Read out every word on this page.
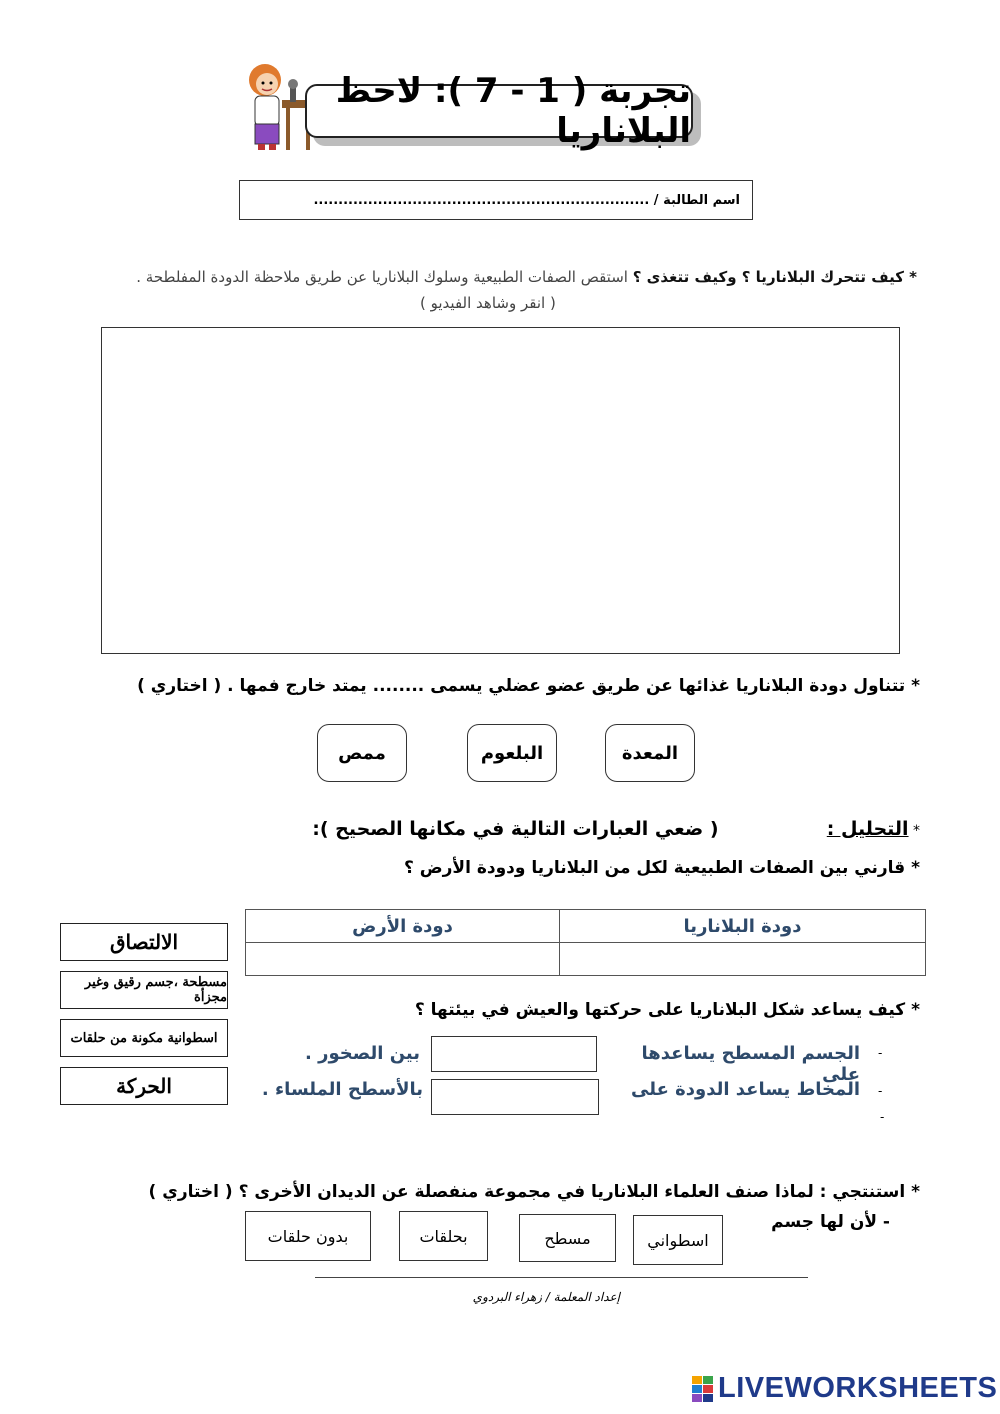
تجربة ( 1 - 7 ): لاحظ البلاناريا
اسم الطالبة / ....................................................................
* كيف تتحرك البلاناريا ؟ وكيف تتغذى ؟ استقص الصفات الطبيعية وسلوك البلاناريا عن طريق ملاحظة الدودة المفلطحة .
( انقر وشاهد الفيديو )
* تتناول دودة البلاناريا غذائها عن طريق عضو عضلي يسمى ........ يمتد خارج فمها . ( اختاري )
المعدة
البلعوم
ممص
* التحليل :  ( ضعي العبارات التالية في مكانها الصحيح ):
* قارني بين الصفات الطبيعية لكل من البلاناريا ودودة الأرض ؟
دودة البلاناريا	دودة الأرض

الالتصاق
مسطحة ،جسم رقيق وغير مجزأة
اسطوانية مكونة من حلقات
الحركة
* كيف يساعد شكل البلاناريا على حركتها والعيش في بيئتها ؟
-
الجسم المسطح يساعدها على
بين الصخور .
-
المخاط يساعد الدودة على
بالأسطح الملساء .
-
* استنتجي : لماذا صنف العلماء البلاناريا في مجموعة منفصلة عن الديدان الأخرى ؟ ( اختاري )
- لأن لها جسم
اسطواني
مسطح
بحلقات
بدون حلقات
إعداد المعلمة / زهراء البردوي
LIVEWORKSHEETS
